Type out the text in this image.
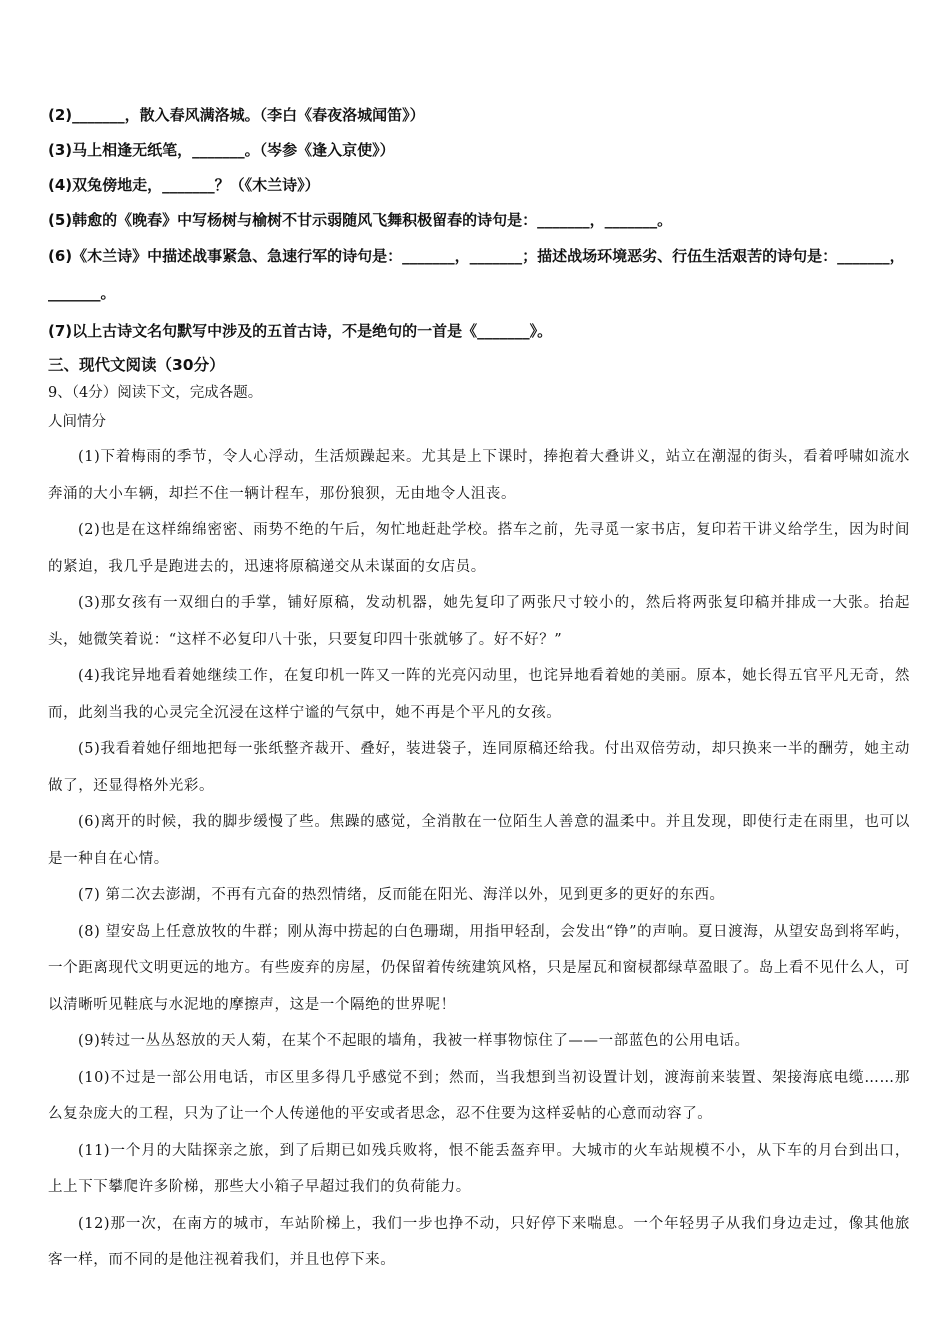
(2)_______，散入春风满洛城。（李白《春夜洛城闻笛》）
(3)马上相逢无纸笔，_______。（岑参《逢入京使》）
(4)双兔傍地走，_______？（《木兰诗》）
(5)韩愈的《晚春》中写杨树与榆树不甘示弱随风飞舞积极留春的诗句是：_______，_______。
(6)《木兰诗》中描述战事紧急、急速行军的诗句是：_______，_______；描述战场环境恶劣、行伍生活艰苦的诗句是：_______，_______。
(7)以上古诗文名句默写中涉及的五首古诗，不是绝句的一首是《_______》。
三、现代文阅读（30分）
9、（4分）阅读下文，完成各题。
人间情分
(1)下着梅雨的季节，令人心浮动，生活烦躁起来。尤其是上下课时，捧抱着大叠讲义，站立在潮湿的街头，看着呼啸如流水奔涌的大小车辆，却拦不住一辆计程车，那份狼狈，无由地令人沮丧。
(2)也是在这样绵绵密密、雨势不绝的午后，匆忙地赶赴学校。搭车之前，先寻觅一家书店，复印若干讲义给学生，因为时间的紧迫，我几乎是跑进去的，迅速将原稿递交从未谋面的女店员。
(3)那女孩有一双细白的手掌，铺好原稿，发动机器，她先复印了两张尺寸较小的，然后将两张复印稿并排成一大张。抬起头，她微笑着说：“这样不必复印八十张，只要复印四十张就够了。好不好？”
(4)我诧异地看着她继续工作，在复印机一阵又一阵的光亮闪动里，也诧异地看着她的美丽。原本，她长得五官平凡无奇，然而，此刻当我的心灵完全沉浸在这样宁谧的气氛中，她不再是个平凡的女孩。
(5)我看着她仔细地把每一张纸整齐裁开、叠好，装进袋子，连同原稿还给我。付出双倍劳动，却只换来一半的酬劳，她主动做了，还显得格外光彩。
(6)离开的时候，我的脚步缓慢了些。焦躁的感觉，全消散在一位陌生人善意的温柔中。并且发现，即使行走在雨里，也可以是一种自在心情。
(7) 第二次去澎湖，不再有亢奋的热烈情绪，反而能在阳光、海洋以外，见到更多的更好的东西。
(8) 望安岛上任意放牧的牛群；刚从海中捞起的白色珊瑚，用指甲轻刮，会发出“铮”的声响。夏日渡海，从望安岛到将军屿，一个距离现代文明更远的地方。有些废弃的房屋，仍保留着传统建筑风格，只是屋瓦和窗棂都绿草盈眼了。岛上看不见什么人，可以清晰听见鞋底与水泥地的摩擦声，这是一个隔绝的世界呢！
(9)转过一丛丛怒放的天人菊，在某个不起眼的墙角，我被一样事物惊住了——一部蓝色的公用电话。
(10)不过是一部公用电话，市区里多得几乎感觉不到；然而，当我想到当初设置计划，渡海前来装置、架接海底电缆……那么复杂庞大的工程，只为了让一个人传递他的平安或者思念，忍不住要为这样妥帖的心意而动容了。
(11)一个月的大陆探亲之旅，到了后期已如残兵败将，恨不能丢盔弃甲。大城市的火车站规模不小，从下车的月台到出口，上上下下攀爬许多阶梯，那些大小箱子早超过我们的负荷能力。
(12)那一次，在南方的城市，车站阶梯上，我们一步也挣不动，只好停下来喘息。一个年轻男子从我们身边走过，像其他旅客一样，而不同的是他注视着我们，并且也停下来。
